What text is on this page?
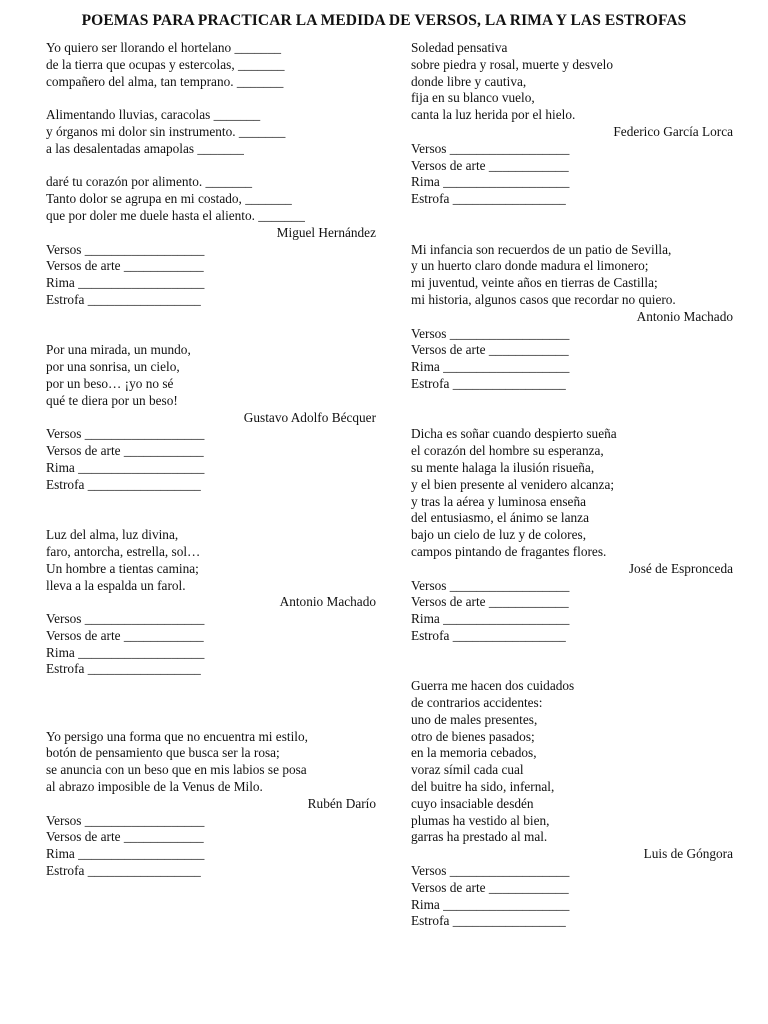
POEMAS PARA PRACTICAR LA MEDIDA DE VERSOS, LA RIMA Y LAS ESTROFAS
Yo quiero ser llorando el hortelano _______
de la tierra que ocupas y estercolas, _______
compañero del alma, tan temprano. _______
Alimentando lluvias, caracolas _______
y órganos mi dolor sin instrumento. _______
a las desalentadas amapolas _______
daré tu corazón por alimento. _______
Tanto dolor se agrupa en mi costado, _______
que por doler me duele hasta el aliento. _______
Miguel Hernández
Versos __________________
Versos de arte ____________
Rima ___________________
Estrofa _________________
Por una mirada, un mundo,
por una sonrisa, un cielo,
por un beso… ¡yo no sé
qué te diera por un beso!
Gustavo Adolfo Bécquer
Versos __________________
Versos de arte ____________
Rima ___________________
Estrofa _________________
Luz del alma, luz divina,
faro, antorcha, estrella, sol…
Un hombre a tientas camina;
lleva a la espalda un farol.
Antonio Machado
Versos __________________
Versos de arte ____________
Rima ___________________
Estrofa _________________
Yo persigo una forma que no encuentra mi estilo,
botón de pensamiento que busca ser la rosa;
se anuncia con un beso que en mis labios se posa
al abrazo imposible de la Venus de Milo.
Rubén Darío
Versos __________________
Versos de arte ____________
Rima ___________________
Estrofa _________________
Soledad pensativa
sobre piedra y rosal, muerte y desvelo
donde libre y cautiva,
fija en su blanco vuelo,
canta la luz herida por el hielo.
Federico García Lorca
Versos __________________
Versos de arte ____________
Rima ___________________
Estrofa _________________
Mi infancia son recuerdos de un patio de Sevilla,
y un huerto claro donde madura el limonero;
mi juventud, veinte años en tierras de Castilla;
mi historia, algunos casos que recordar no quiero.
Antonio Machado
Versos __________________
Versos de arte ____________
Rima ___________________
Estrofa _________________
Dicha es soñar cuando despierto sueña
el corazón del hombre su esperanza,
su mente halaga la ilusión risueña,
y el bien presente al venidero alcanza;
y tras la aérea y luminosa enseña
del entusiasmo, el ánimo se lanza
bajo un cielo de luz y de colores,
campos pintando de fragantes flores.
José de Espronceda
Versos __________________
Versos de arte ____________
Rima ___________________
Estrofa _________________
Guerra me hacen dos cuidados
de contrarios accidentes:
uno de males presentes,
otro de bienes pasados;
en la memoria cebados,
voraz símil cada cual
del buitre ha sido, infernal,
cuyo insaciable desdén
plumas ha vestido al bien,
garras ha prestado al mal.
Luis de Góngora
Versos __________________
Versos de arte ____________
Rima ___________________
Estrofa _________________
